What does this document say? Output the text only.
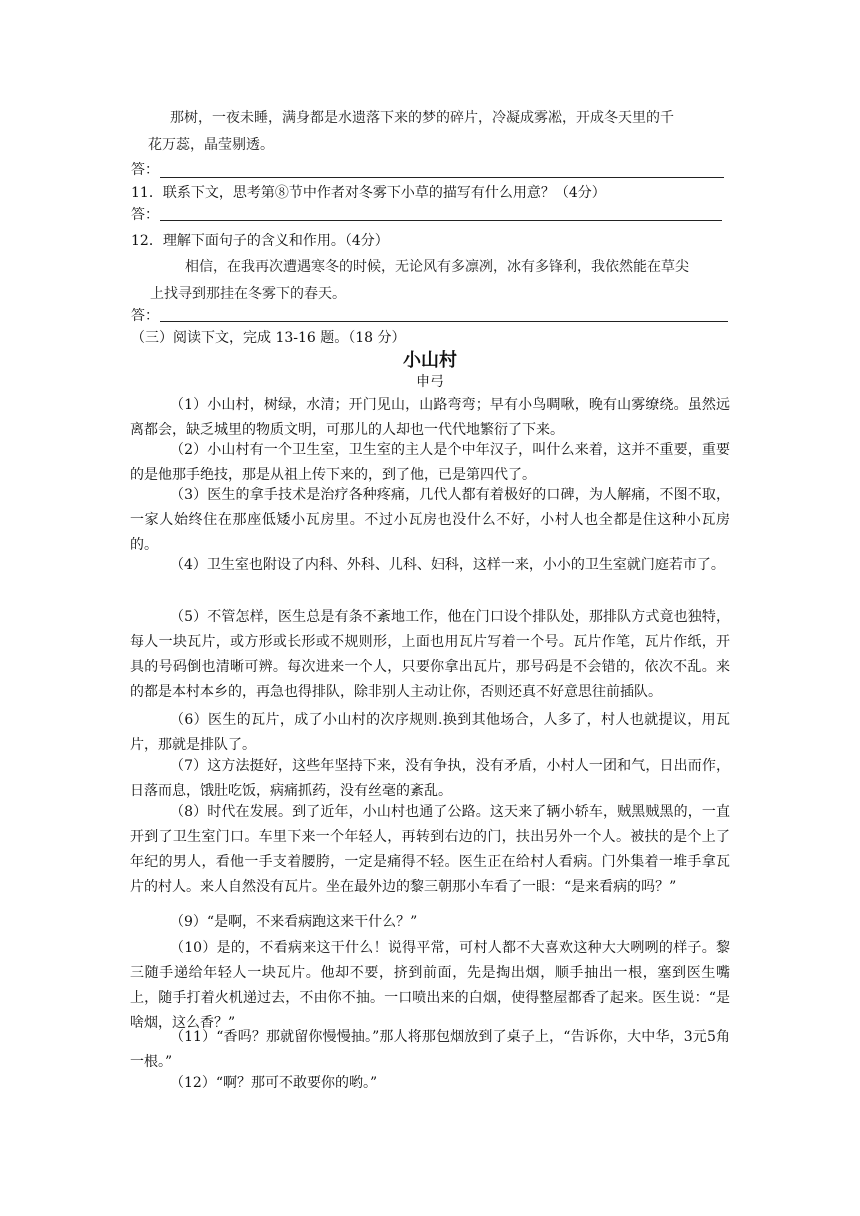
那树，一夜未睡，满身都是水遗落下来的梦的碎片，冷凝成雾凇，开成冬天里的千
花万蕊，晶莹剔透。
答：
11．联系下文，思考第⑧节中作者对冬雾下小草的描写有什么用意？（4分）
答：
12．理解下面句子的含义和作用。（4分）
相信，在我再次遭遇寒冬的时候，无论风有多凛冽，冰有多锋利，我依然能在草尖
上找寻到那挂在冬雾下的春天。
答：
（三）阅读下文，完成 13-16 题。（18 分）
小山村
申弓
（1）小山村，树绿，水清；开门见山，山路弯弯；早有小鸟啁啾，晚有山雾缭绕。虽然远离都会，缺乏城里的物质文明，可那儿的人却也一代代地繁衍了下来。
（2）小山村有一个卫生室，卫生室的主人是个中年汉子，叫什么来着，这并不重要，重要的是他那手绝技，那是从祖上传下来的，到了他，已是第四代了。
（3）医生的拿手技术是治疗各种疼痛，几代人都有着极好的口碑，为人解痛，不图不取，一家人始终住在那座低矮小瓦房里。不过小瓦房也没什么不好，小村人也全都是住这种小瓦房的。
（4）卫生室也附设了内科、外科、儿科、妇科，这样一来，小小的卫生室就门庭若市了。
（5）不管怎样，医生总是有条不紊地工作，他在门口设个排队处，那排队方式竟也独特，每人一块瓦片，或方形或长形或不规则形，上面也用瓦片写着一个号。瓦片作笔，瓦片作纸，开具的号码倒也清晰可辨。每次进来一个人，只要你拿出瓦片，那号码是不会错的，依次不乱。来的都是本村本乡的，再急也得排队，除非别人主动让你，否则还真不好意思往前插队。
（6）医生的瓦片，成了小山村的次序规则.换到其他场合，人多了，村人也就提议，用瓦片，那就是排队了。
（7）这方法挺好，这些年坚持下来，没有争执，没有矛盾，小村人一团和气，日出而作，日落而息，饿肚吃饭，病痛抓药，没有丝毫的紊乱。
（8）时代在发展。到了近年，小山村也通了公路。这天来了辆小轿车，贼黑贼黑的，一直开到了卫生室门口。车里下来一个年轻人，再转到右边的门，扶出另外一个人。被扶的是个上了年纪的男人，看他一手支着腰胯，一定是痛得不轻。医生正在给村人看病。门外集着一堆手拿瓦片的村人。来人自然没有瓦片。坐在最外边的黎三朝那小车看了一眼：“是来看病的吗？”
（9）“是啊，不来看病跑这来干什么？”
（10）是的，不看病来这干什么！说得平常，可村人都不大喜欢这种大大咧咧的样子。黎三随手递给年轻人一块瓦片。他却不要，挤到前面，先是掏出烟，顺手抽出一根，塞到医生嘴上，随手打着火机递过去，不由你不抽。一口喷出来的白烟，使得整屋都香了起来。医生说：“是啥烟，这么香？”
（11）“香吗？那就留你慢慢抽。”那人将那包烟放到了桌子上，“告诉你，大中华，3元5角一根。”
（12）“啊？那可不敢要你的哟。”
